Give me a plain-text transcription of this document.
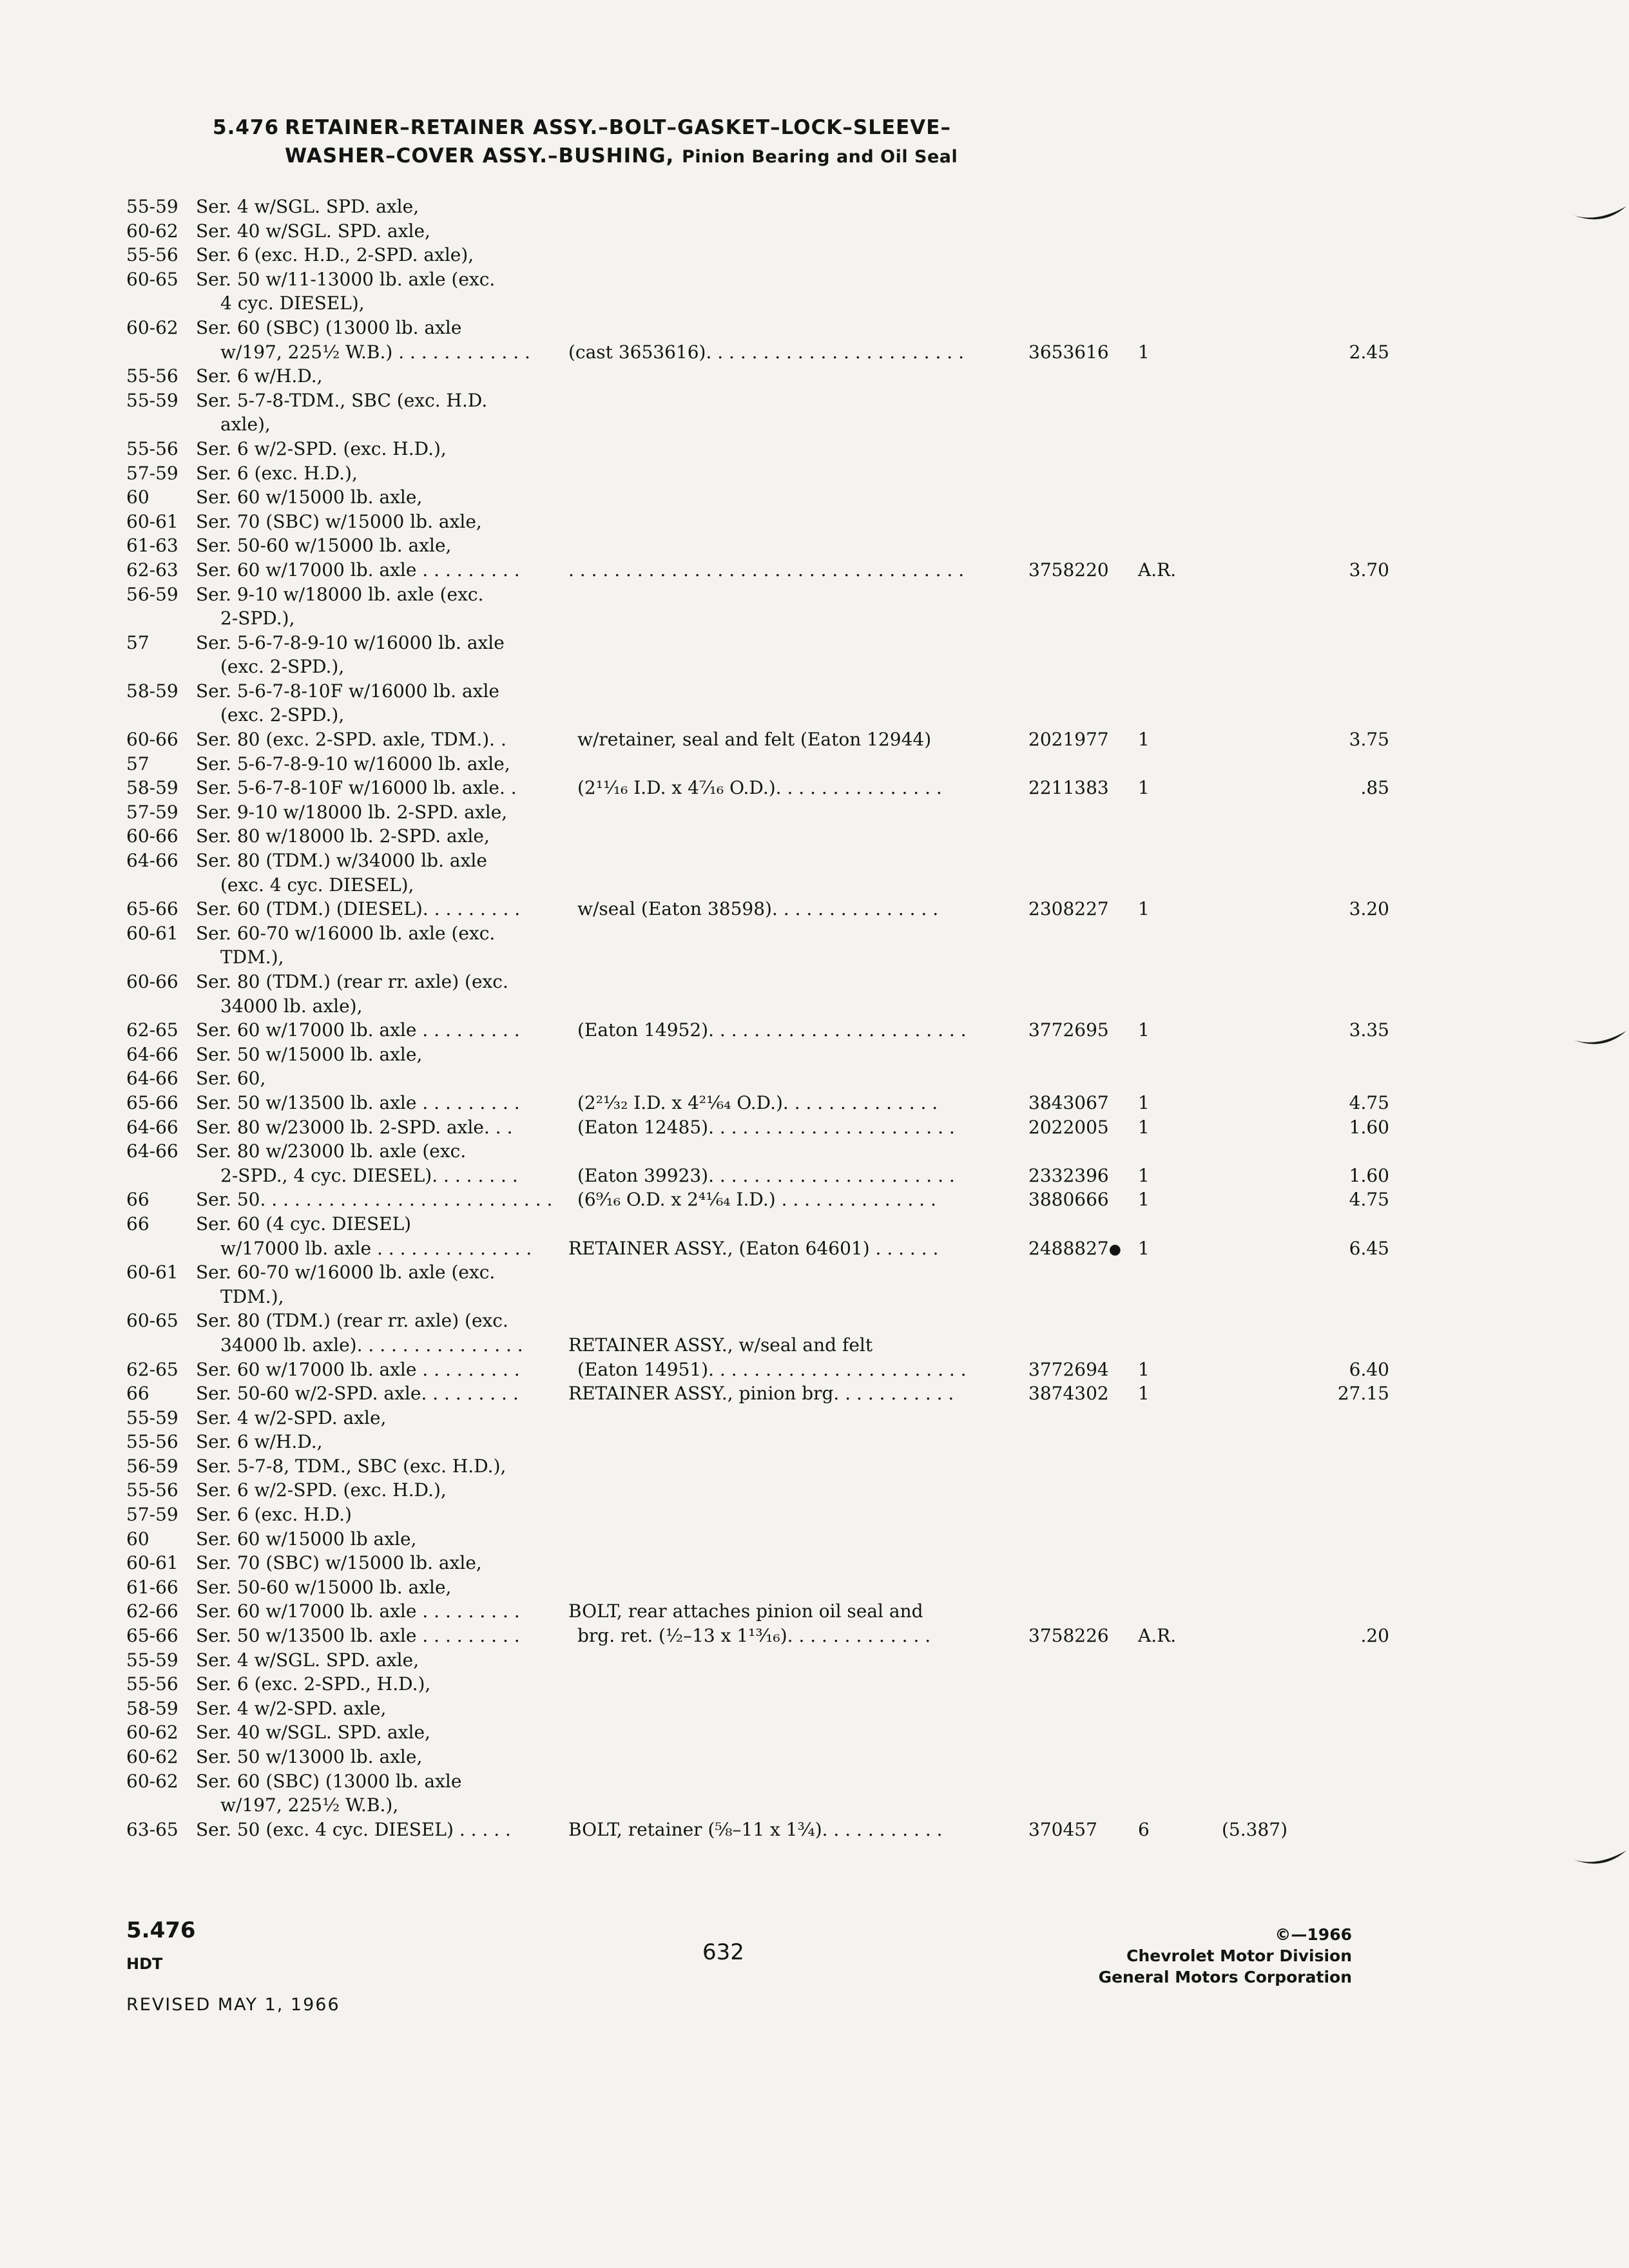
5.476 RETAINER–RETAINER ASSY.–BOLT–GASKET–LOCK–SLEEVE–
WASHER–COVER ASSY.–BUSHING, Pinion Bearing and Oil Seal
55-59 Ser. 4 w/SGL. SPD. axle,
60-62 Ser. 40 w/SGL. SPD. axle,
55-56 Ser. 6 (exc. H.D., 2-SPD. axle),
60-65 Ser. 50 w/11-13000 lb. axle (exc.
4 cyc. DIESEL),
60-62 Ser. 60 (SBC) (13000 lb. axle
w/197, 225½ W.B.) . . . . . . . . . . . . (cast 3653616). . . . . . . . . . . . . . . . . . . . . . .	3653616 1	2.45
55-56 Ser. 6 w/H.D.,
55-59 Ser. 5-7-8-TDM., SBC (exc. H.D.
axle),
55-56 Ser. 6 w/2-SPD. (exc. H.D.),
57-59 Ser. 6 (exc. H.D.),
60	Ser. 60 w/15000 lb. axle,
60-61 Ser. 70 (SBC) w/15000 lb. axle,
61-63 Ser. 50-60 w/15000 lb. axle,
62-63 Ser. 60 w/17000 lb. axle . . . . . . . . .	. . . . . . . . . . . . . . . . . . . . . . . . . . . . . . . . . . .	3758220 A.R.	3.70
56-59 Ser. 9-10 w/18000 lb. axle (exc.
2-SPD.),
57	Ser. 5-6-7-8-9-10 w/16000 lb. axle
(exc. 2-SPD.),
58-59 Ser. 5-6-7-8-10F w/16000 lb. axle
(exc. 2-SPD.),
60-66 Ser. 80 (exc. 2-SPD. axle, TDM.). .	w/retainer, seal and felt (Eaton 12944)	2021977 1	3.75
57	Ser. 5-6-7-8-9-10 w/16000 lb. axle,
58-59 Ser. 5-6-7-8-10F w/16000 lb. axle. .	(2¹¹⁄₁₆ I.D. x 4⁷⁄₁₆ O.D.). . . . . . . . . . . . . . .	2211383 1	.85
57-59 Ser. 9-10 w/18000 lb. 2-SPD. axle,
60-66 Ser. 80 w/18000 lb. 2-SPD. axle,
64-66 Ser. 80 (TDM.) w/34000 lb. axle
(exc. 4 cyc. DIESEL),
65-66 Ser. 60 (TDM.) (DIESEL). . . . . . . . .	w/seal (Eaton 38598). . . . . . . . . . . . . . .	2308227 1	3.20
60-61 Ser. 60-70 w/16000 lb. axle (exc.
TDM.),
60-66 Ser. 80 (TDM.) (rear rr. axle) (exc.
34000 lb. axle),
62-65 Ser. 60 w/17000 lb. axle . . . . . . . . .	(Eaton 14952). . . . . . . . . . . . . . . . . . . . . . .	3772695 1	3.35
64-66 Ser. 50 w/15000 lb. axle,
64-66 Ser. 60,
65-66 Ser. 50 w/13500 lb. axle . . . . . . . . .	(2²¹⁄₃₂ I.D. x 4²¹⁄₆₄ O.D.). . . . . . . . . . . . . .	3843067 1	4.75
64-66 Ser. 80 w/23000 lb. 2-SPD. axle. . .	(Eaton 12485). . . . . . . . . . . . . . . . . . . . . .	2022005 1	1.60
64-66 Ser. 80 w/23000 lb. axle (exc.
2-SPD., 4 cyc. DIESEL). . . . . . . .	(Eaton 39923). . . . . . . . . . . . . . . . . . . . . .	2332396 1	1.60
66	Ser. 50. . . . . . . . . . . . . . . . . . . . . . . . . . (6⁹⁄₁₆ O.D. x 2⁴¹⁄₆₄ I.D.) . . . . . . . . . . . . . .	3880666 1	4.75
66	Ser. 60 (4 cyc. DIESEL)
w/17000 lb. axle . . . . . . . . . . . . . . RETAINER ASSY., (Eaton 64601) . . . . . .	2488827● 1	6.45
60-61 Ser. 60-70 w/16000 lb. axle (exc.
TDM.),
60-65 Ser. 80 (TDM.) (rear rr. axle) (exc.
34000 lb. axle). . . . . . . . . . . . . . .	RETAINER ASSY., w/seal and felt
62-65 Ser. 60 w/17000 lb. axle . . . . . . . . .	(Eaton 14951). . . . . . . . . . . . . . . . . . . . . . .	3772694 1	6.40
66	Ser. 50-60 w/2-SPD. axle. . . . . . . . .	RETAINER ASSY., pinion brg. . . . . . . . . . .	3874302 1	27.15
55-59 Ser. 4 w/2-SPD. axle,
55-56 Ser. 6 w/H.D.,
56-59 Ser. 5-7-8, TDM., SBC (exc. H.D.),
55-56 Ser. 6 w/2-SPD. (exc. H.D.),
57-59 Ser. 6 (exc. H.D.)
60	Ser. 60 w/15000 lb axle,
60-61 Ser. 70 (SBC) w/15000 lb. axle,
61-66 Ser. 50-60 w/15000 lb. axle,
62-66 Ser. 60 w/17000 lb. axle . . . . . . . . .	BOLT, rear attaches pinion oil seal and
65-66 Ser. 50 w/13500 lb. axle . . . . . . . . .	brg. ret. (½–13 x 1¹³⁄₁₆). . . . . . . . . . . . .	3758226 A.R.	.20
55-59 Ser. 4 w/SGL. SPD. axle,
55-56 Ser. 6 (exc. 2-SPD., H.D.),
58-59 Ser. 4 w/2-SPD. axle,
60-62 Ser. 40 w/SGL. SPD. axle,
60-62 Ser. 50 w/13000 lb. axle,
60-62 Ser. 60 (SBC) (13000 lb. axle
w/197, 225½ W.B.),
63-65 Ser. 50 (exc. 4 cyc. DIESEL) . . . . .	BOLT, retainer (⅝–11 x 1¾). . . . . . . . . . .	370457 6	(5.387)
5.476
HDT
REVISED MAY 1, 1966
632
©—1966
Chevrolet Motor Division
General Motors Corporation
